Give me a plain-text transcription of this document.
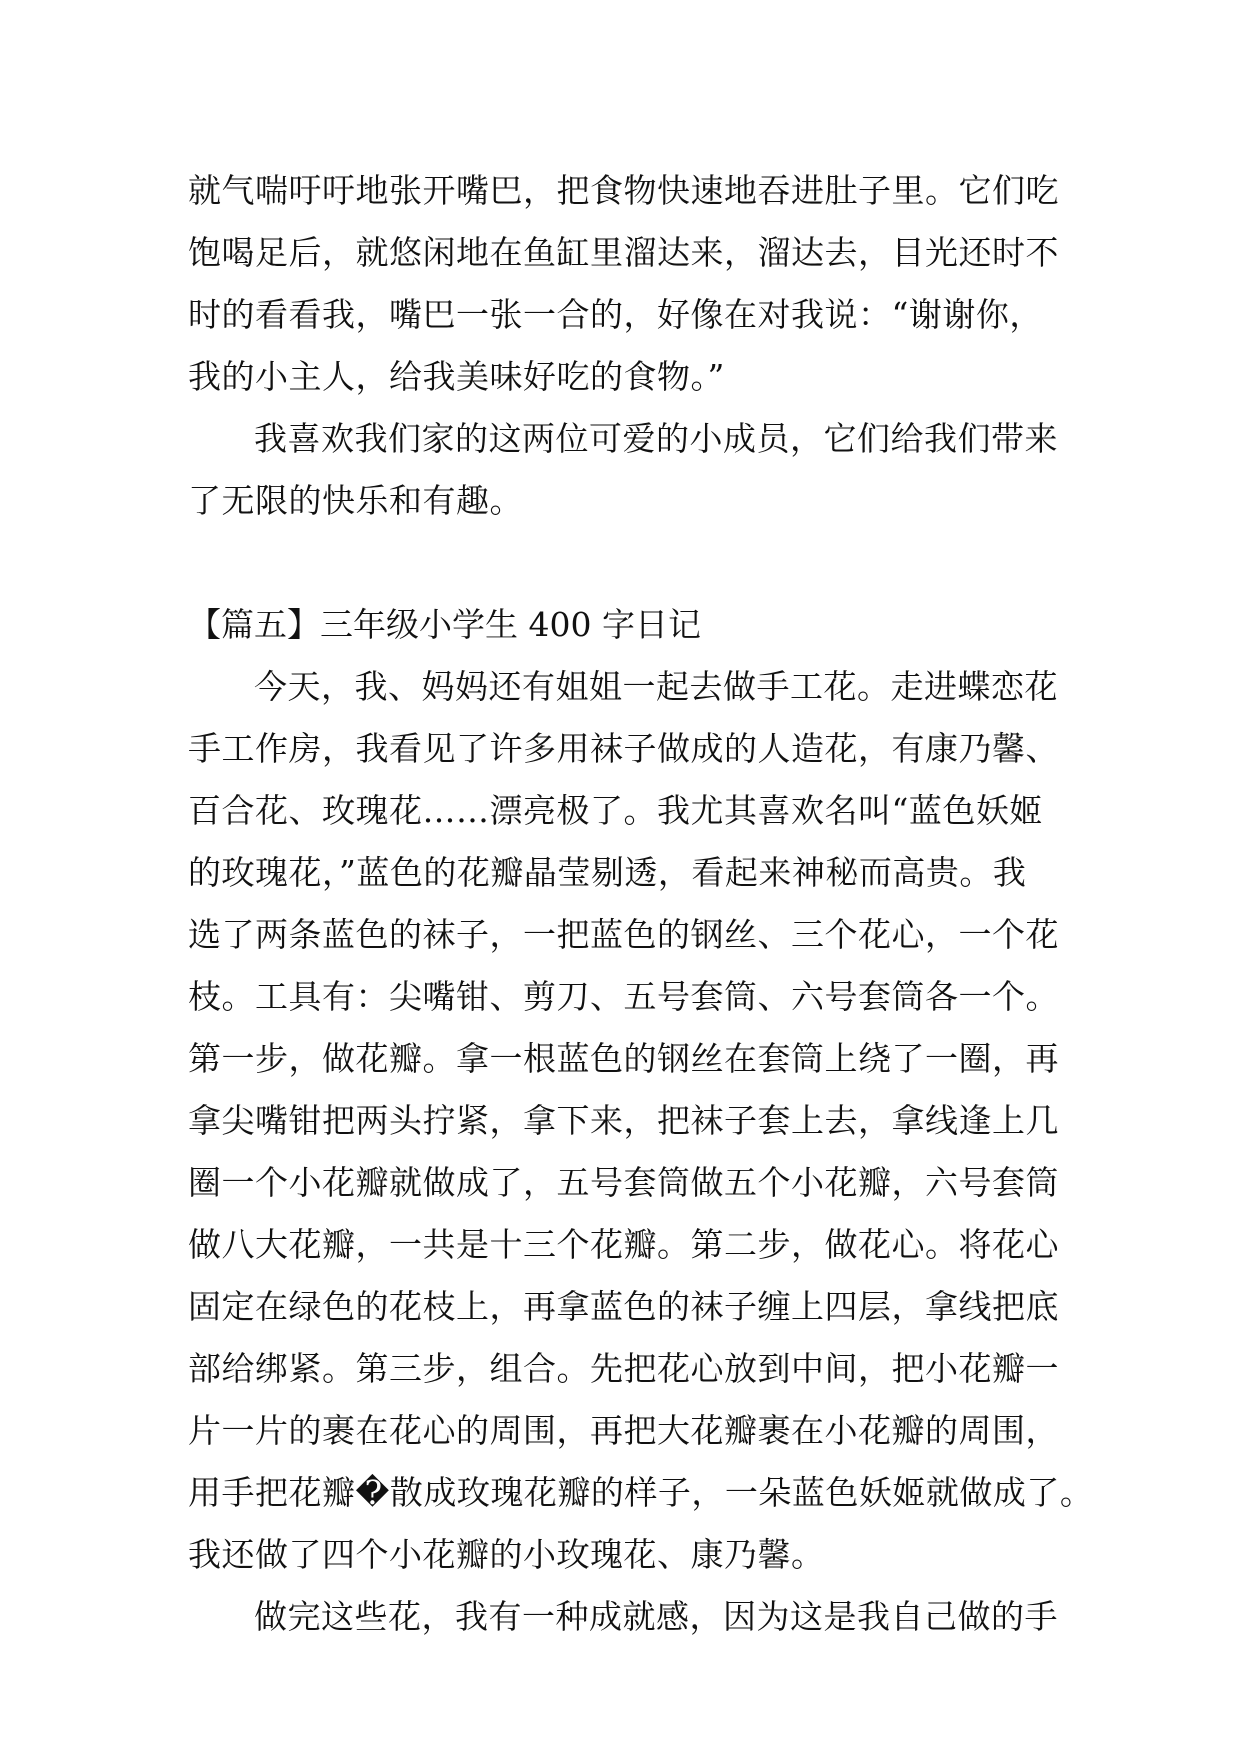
就气喘吁吁地张开嘴巴，把食物快速地吞进肚子里。它们吃
饱喝足后，就悠闲地在鱼缸里溜达来，溜达去，目光还时不
时的看看我，嘴巴一张一合的，好像在对我说：“谢谢你，
我的小主人，给我美味好吃的食物。”
我喜欢我们家的这两位可爱的小成员，它们给我们带来
了无限的快乐和有趣。
【篇五】三年级小学生 400 字日记
今天，我、妈妈还有姐姐一起去做手工花。走进蝶恋花
手工作房，我看见了许多用袜子做成的人造花，有康乃馨、
百合花、玫瑰花……漂亮极了。我尤其喜欢名叫“蓝色妖姬
的玫瑰花，”蓝色的花瓣晶莹剔透，看起来神秘而高贵。我
选了两条蓝色的袜子，一把蓝色的钢丝、三个花心，一个花
枝。工具有：尖嘴钳、剪刀、五号套筒、六号套筒各一个。
第一步，做花瓣。拿一根蓝色的钢丝在套筒上绕了一圈，再
拿尖嘴钳把两头拧紧，拿下来，把袜子套上去，拿线逢上几
圈一个小花瓣就做成了，五号套筒做五个小花瓣，六号套筒
做八大花瓣，一共是十三个花瓣。第二步，做花心。将花心
固定在绿色的花枝上，再拿蓝色的袜子缠上四层，拿线把底
部给绑紧。第三步，组合。先把花心放到中间，把小花瓣一
片一片的裹在花心的周围，再把大花瓣裹在小花瓣的周围，
用手把花瓣�散成玫瑰花瓣的样子，一朵蓝色妖姬就做成了。
我还做了四个小花瓣的小玫瑰花、康乃馨。
做完这些花，我有一种成就感，因为这是我自己做的手
